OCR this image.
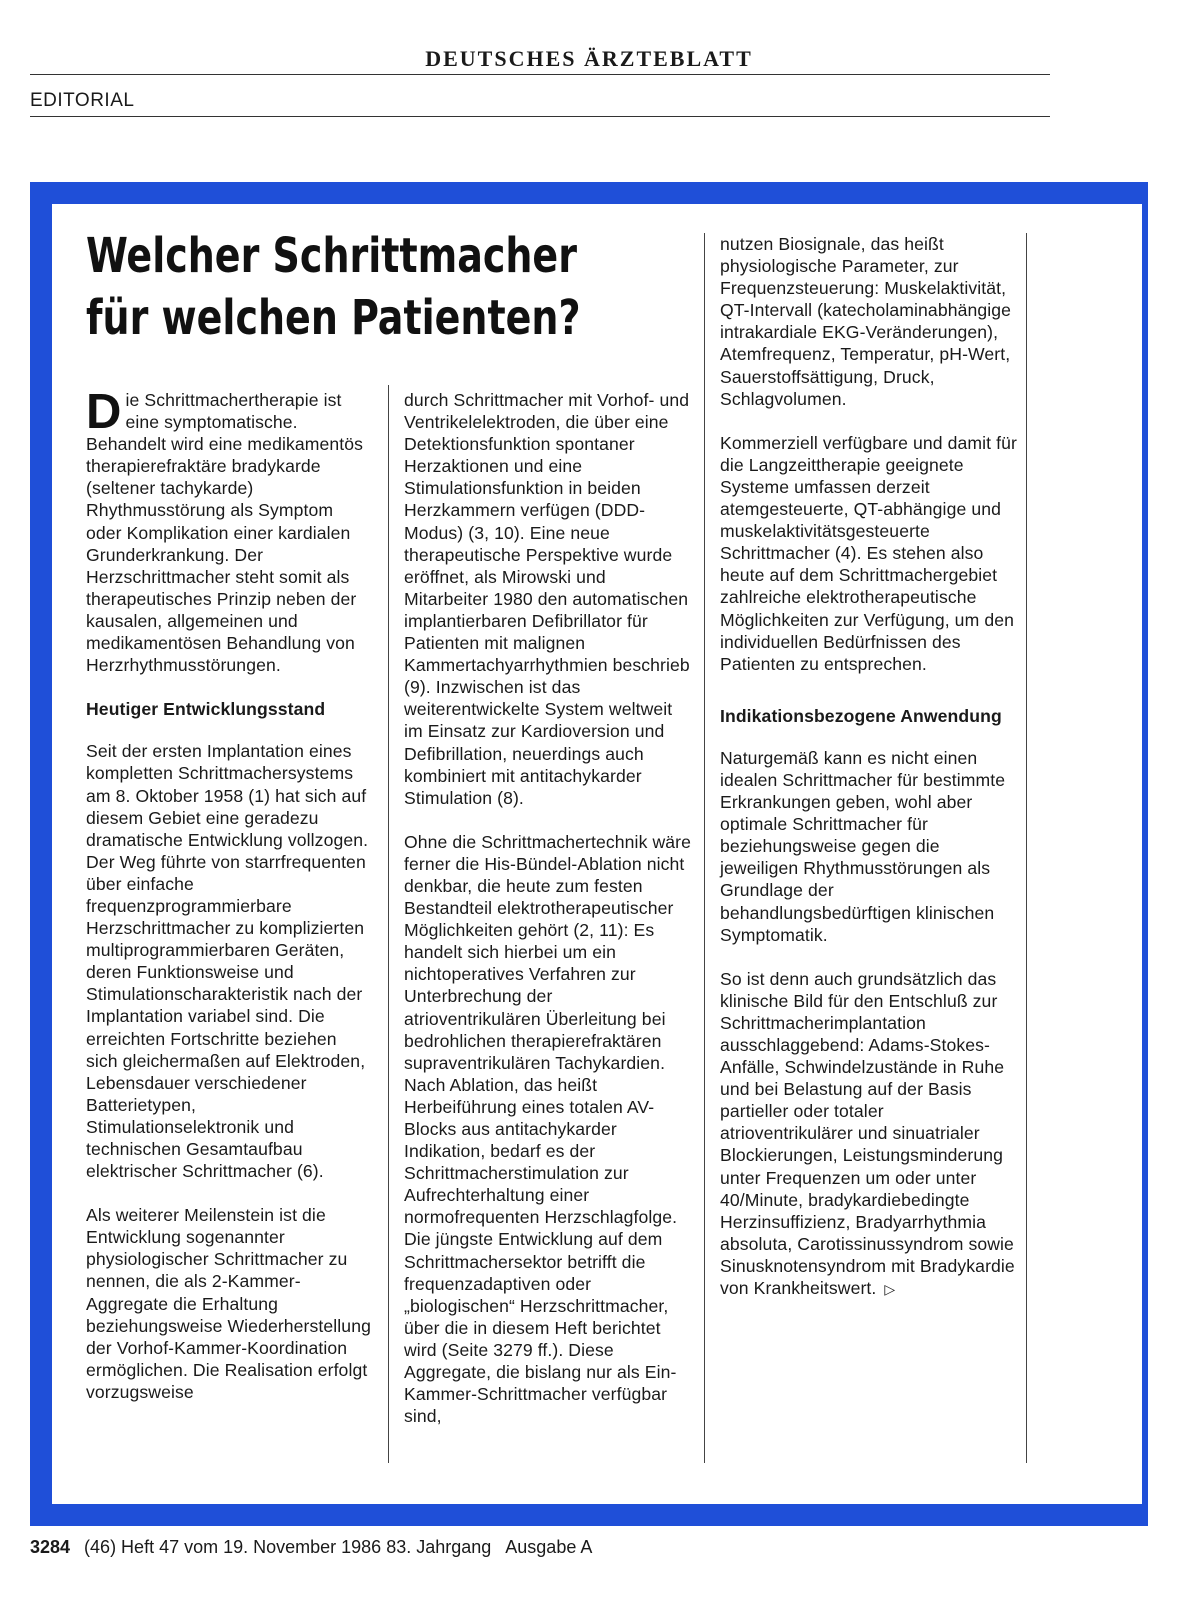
DEUTSCHES ÄRZTEBLATT
EDITORIAL
Welcher Schrittmacher
für welchen Patienten?

Die Schrittmachertherapie ist eine symptomatische. Behandelt wird eine medikamentös therapierefraktäre bradykarde (seltener tachykarde) Rhythmusstörung als Symptom oder Komplikation einer kardialen Grunderkrankung. Der Herzschrittmacher steht somit als therapeutisches Prinzip neben der kausalen, allgemeinen und medikamentösen Behandlung von Herzrhythmusstörungen.

Heutiger Entwicklungsstand

Seit der ersten Implantation eines kompletten Schrittmachersystems am 8. Oktober 1958 (1) hat sich auf diesem Gebiet eine geradezu dramatische Entwicklung vollzogen. Der Weg führte von starrfrequenten über einfache frequenzprogrammierbare Herzschrittmacher zu komplizierten multiprogrammierbaren Geräten, deren Funktionsweise und Stimulationscharakteristik nach der Implantation variabel sind. Die erreichten Fortschritte beziehen sich gleichermaßen auf Elektroden, Lebensdauer verschiedener Batterietypen, Stimulationselektronik und technischen Gesamtaufbau elektrischer Schrittmacher (6).

Als weiterer Meilenstein ist die Entwicklung sogenannter physiologischer Schrittmacher zu nennen, die als 2-Kammer-Aggregate die Erhaltung beziehungsweise Wiederherstellung der Vorhof-Kammer-Koordination ermöglichen. Die Realisation erfolgt vorzugsweise

durch Schrittmacher mit Vorhof- und Ventrikelelektroden, die über eine Detektionsfunktion spontaner Herzaktionen und eine Stimulationsfunktion in beiden Herzkammern verfügen (DDD-Modus) (3, 10). Eine neue therapeutische Perspektive wurde eröffnet, als Mirowski und Mitarbeiter 1980 den automatischen implantierbaren Defibrillator für Patienten mit malignen Kammertachyarrhythmien beschrieb (9). Inzwischen ist das weiterentwickelte System weltweit im Einsatz zur Kardioversion und Defibrillation, neuerdings auch kombiniert mit antitachykarder Stimulation (8).

Ohne die Schrittmachertechnik wäre ferner die His-Bündel-Ablation nicht denkbar, die heute zum festen Bestandteil elektrotherapeutischer Möglichkeiten gehört (2, 11): Es handelt sich hierbei um ein nichtoperatives Verfahren zur Unterbrechung der atrioventrikulären Überleitung bei bedrohlichen therapierefraktären supraventrikulären Tachykardien. Nach Ablation, das heißt Herbeiführung eines totalen AV-Blocks aus antitachykarder Indikation, bedarf es der Schrittmacherstimulation zur Aufrechterhaltung einer normofrequenten Herzschlagfolge. Die jüngste Entwicklung auf dem Schrittmachersektor betrifft die frequenzadaptiven oder „biologischen“ Herzschrittmacher, über die in diesem Heft berichtet wird (Seite 3279 ff.). Diese Aggregate, die bislang nur als Ein-Kammer-Schrittmacher verfügbar sind,

nutzen Biosignale, das heißt physiologische Parameter, zur Frequenzsteuerung: Muskelaktivität, QT-Intervall (katecholaminabhängige intrakardiale EKG-Veränderungen), Atemfrequenz, Temperatur, pH-Wert, Sauerstoffsättigung, Druck, Schlagvolumen.

Kommerziell verfügbare und damit für die Langzeittherapie geeignete Systeme umfassen derzeit atemgesteuerte, QT-abhängige und muskelaktivitätsgesteuerte Schrittmacher (4). Es stehen also heute auf dem Schrittmachergebiet zahlreiche elektrotherapeutische Möglichkeiten zur Verfügung, um den individuellen Bedürfnissen des Patienten zu entsprechen.

Indikationsbezogene Anwendung

Naturgemäß kann es nicht einen idealen Schrittmacher für bestimmte Erkrankungen geben, wohl aber optimale Schrittmacher für beziehungsweise gegen die jeweiligen Rhythmusstörungen als Grundlage der behandlungsbedürftigen klinischen Symptomatik.

So ist denn auch grundsätzlich das klinische Bild für den Entschluß zur Schrittmacherimplantation ausschlaggebend: Adams-Stokes-Anfälle, Schwindelzustände in Ruhe und bei Belastung auf der Basis partieller oder totaler atrioventrikulärer und sinuatrialer Blockierungen, Leistungsminderung unter Frequenzen um oder unter 40/Minute, bradykardiebedingte Herzinsuffizienz, Bradyarrhythmia absoluta, Carotissinussyndrom sowie Sinusknotensyndrom mit Bradykardie von Krankheitswert. ▷

3284 (46) Heft 47 vom 19. November 1986 83. Jahrgang Ausgabe A
